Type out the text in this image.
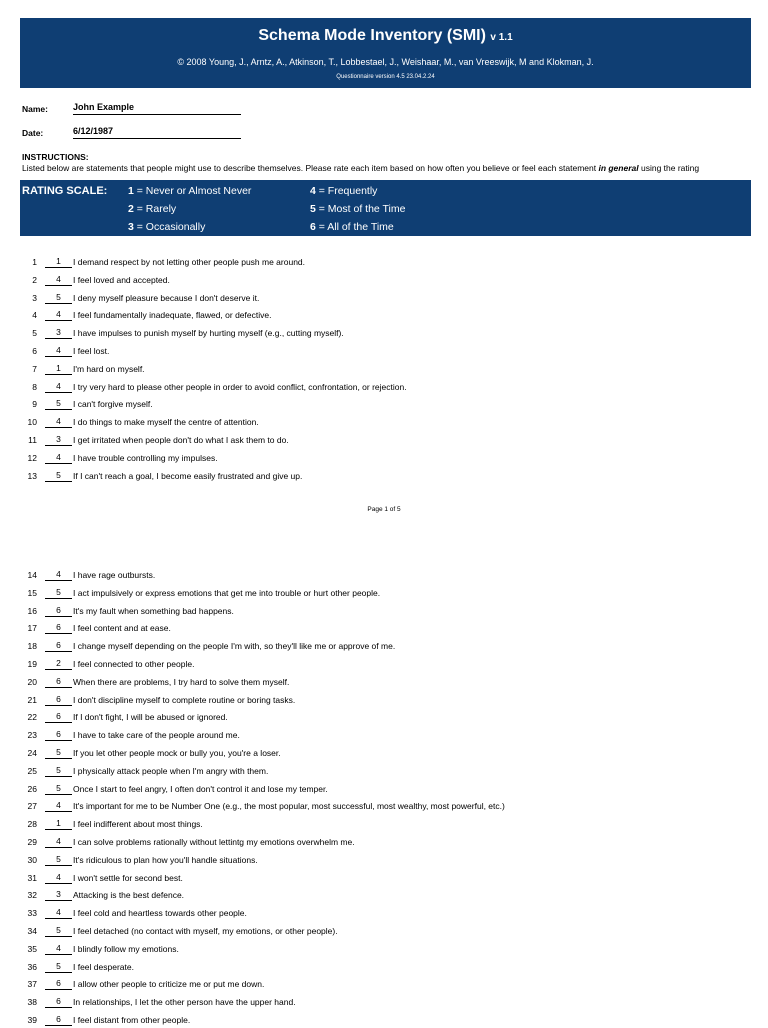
Schema Mode Inventory (SMI) v 1.1
© 2008 Young, J., Arntz, A., Atkinson, T., Lobbestael, J., Weishaar, M., van Vreeswijk, M and Klokman, J.
Questionnaire version 4.5 23.04.2.24
Name:	John Example
Date:	6/12/1987
INSTRUCTIONS:
Listed below are statements that people might use to describe themselves. Please rate each item based on how often you believe or feel each statement in general using the rating
RATING SCALE: 1 = Never or Almost Never
2 = Rarely
3 = Occasionally
4 = Frequently
5 = Most of the Time
6 = All of the Time
1	1	I demand respect by not letting other people push me around.
2	4	I feel loved and accepted.
3	5	I deny myself pleasure because I don't deserve it.
4	4	I feel fundamentally inadequate, flawed, or defective.
5	3	I have impulses to punish myself by hurting myself (e.g., cutting myself).
6	4	I feel lost.
7	1	I'm hard on myself.
8	4	I try very hard to please other people in order to avoid conflict, confrontation, or rejection.
9	5	I can't forgive myself.
10	4	I do things to make myself the centre of attention.
11	3	I get irritated when people don't do what I ask them to do.
12	4	I have trouble controlling my impulses.
13	5	If I can't reach a goal, I become easily frustrated and give up.
Page 1 of 5
14	4	I have rage outbursts.
15	5	I act impulsively or express emotions that get me into trouble or hurt other people.
16	6	It's my fault when something bad happens.
17	6	I feel content and at ease.
18	6	I change myself depending on the people I'm with, so they'll like me or approve of me.
19	2	I feel connected to other people.
20	6	When there are problems, I try hard to solve them myself.
21	6	I don't discipline myself to complete routine or boring tasks.
22	6	If I don't fight, I will be abused or ignored.
23	6	I have to take care of the people around me.
24	5	If you let other people mock or bully you, you're a loser.
25	5	I physically attack people when I'm angry with them.
26	5	Once I start to feel angry, I often don't control it and lose my temper.
27	4	It's important for me to be Number One (e.g., the most popular, most successful, most wealthy, most powerful, etc.)
28	1	I feel indifferent about most things.
29	4	I can solve problems rationally without lettintg my emotions overwhelm me.
30	5	It's ridiculous to plan how you'll handle situations.
31	4	I won't settle for second best.
32	3	Attacking is the best defence.
33	4	I feel cold and heartless towards other people.
34	5	I feel detached (no contact with myself, my emotions, or other people).
35	4	I blindly follow my emotions.
36	5	I feel desperate.
37	6	I allow other people to criticize me or put me down.
38	6	In relationships, I let the other person have the upper hand.
39	6	I feel distant from other people.
